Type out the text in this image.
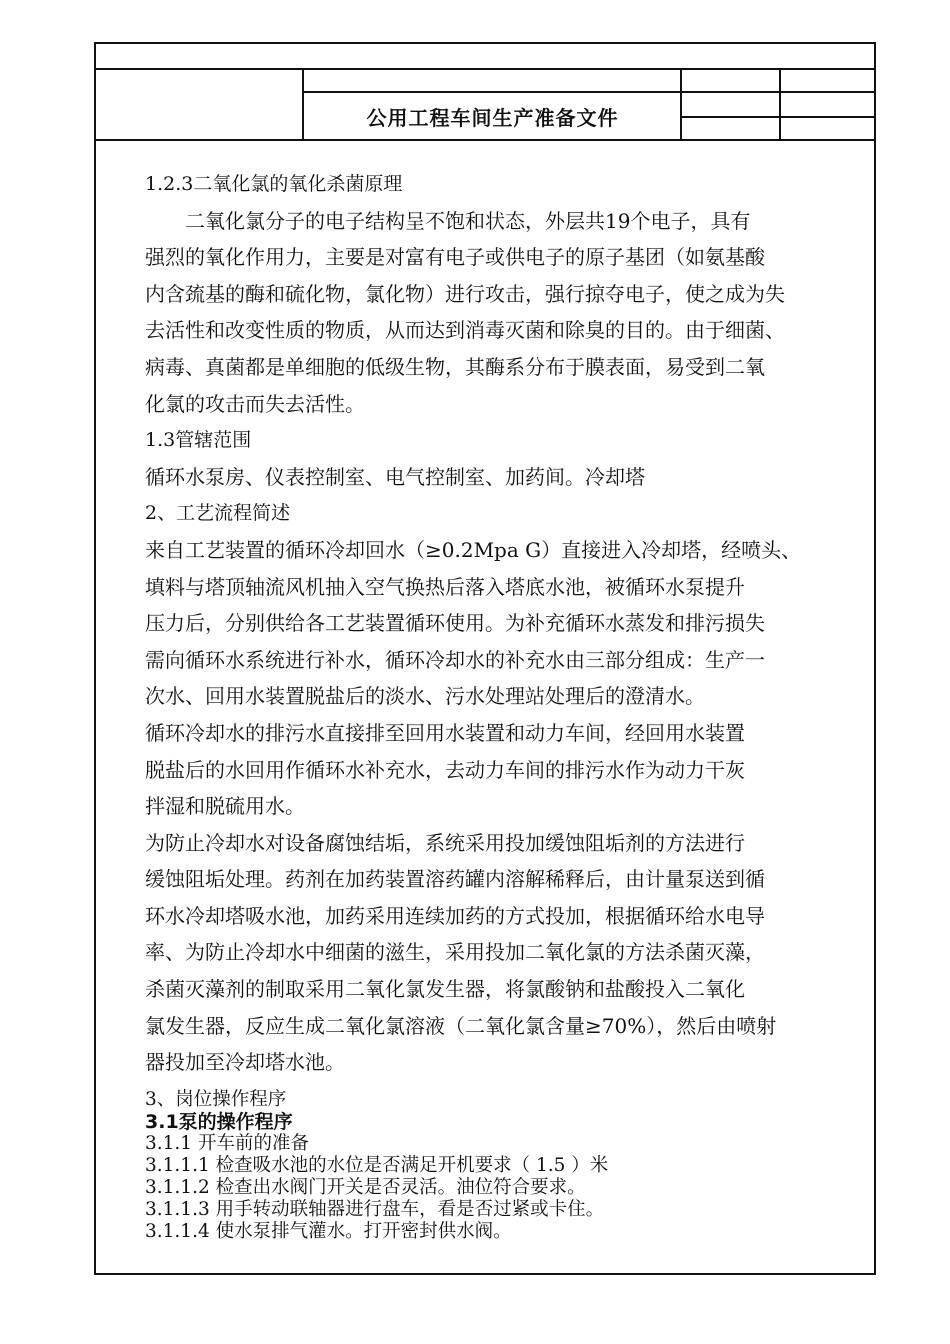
公用工程车间生产准备文件
1.2.3二氧化氯的氧化杀菌原理
二氧化氯分子的电子结构呈不饱和状态，外层共19个电子，具有
强烈的氧化作用力，主要是对富有电子或供电子的原子基团（如氨基酸
内含巯基的酶和硫化物，氯化物）进行攻击，强行掠夺电子，使之成为失
去活性和改变性质的物质，从而达到消毒灭菌和除臭的目的。由于细菌、
病毒、真菌都是单细胞的低级生物，其酶系分布于膜表面，易受到二氧
化氯的攻击而失去活性。
1.3管辖范围
循环水泵房、仪表控制室、电气控制室、加药间。冷却塔
2、工艺流程简述
来自工艺装置的循环冷却回水（≥0.2Mpa G）直接进入冷却塔，经喷头、
填料与塔顶轴流风机抽入空气换热后落入塔底水池，被循环水泵提升
压力后，分别供给各工艺装置循环使用。为补充循环水蒸发和排污损失
需向循环水系统进行补水，循环冷却水的补充水由三部分组成：生产一
次水、回用水装置脱盐后的淡水、污水处理站处理后的澄清水。
循环冷却水的排污水直接排至回用水装置和动力车间，经回用水装置
脱盐后的水回用作循环水补充水，去动力车间的排污水作为动力干灰
拌湿和脱硫用水。
为防止冷却水对设备腐蚀结垢，系统采用投加缓蚀阻垢剂的方法进行
缓蚀阻垢处理。药剂在加药装置溶药罐内溶解稀释后，由计量泵送到循
环水冷却塔吸水池，加药采用连续加药的方式投加，根据循环给水电导
率、为防止冷却水中细菌的滋生，采用投加二氧化氯的方法杀菌灭藻，
杀菌灭藻剂的制取采用二氧化氯发生器，将氯酸钠和盐酸投入二氧化
氯发生器，反应生成二氧化氯溶液（二氧化氯含量≥70%），然后由喷射
器投加至冷却塔水池。
3、岗位操作程序
3.1泵的操作程序
3.1.1 开车前的准备
3.1.1.1 检查吸水池的水位是否满足开机要求（ 1.5 ）米
3.1.1.2 检查出水阀门开关是否灵活。油位符合要求。
3.1.1.3 用手转动联轴器进行盘车，看是否过紧或卡住。
3.1.1.4 使水泵排气灌水。打开密封供水阀。
